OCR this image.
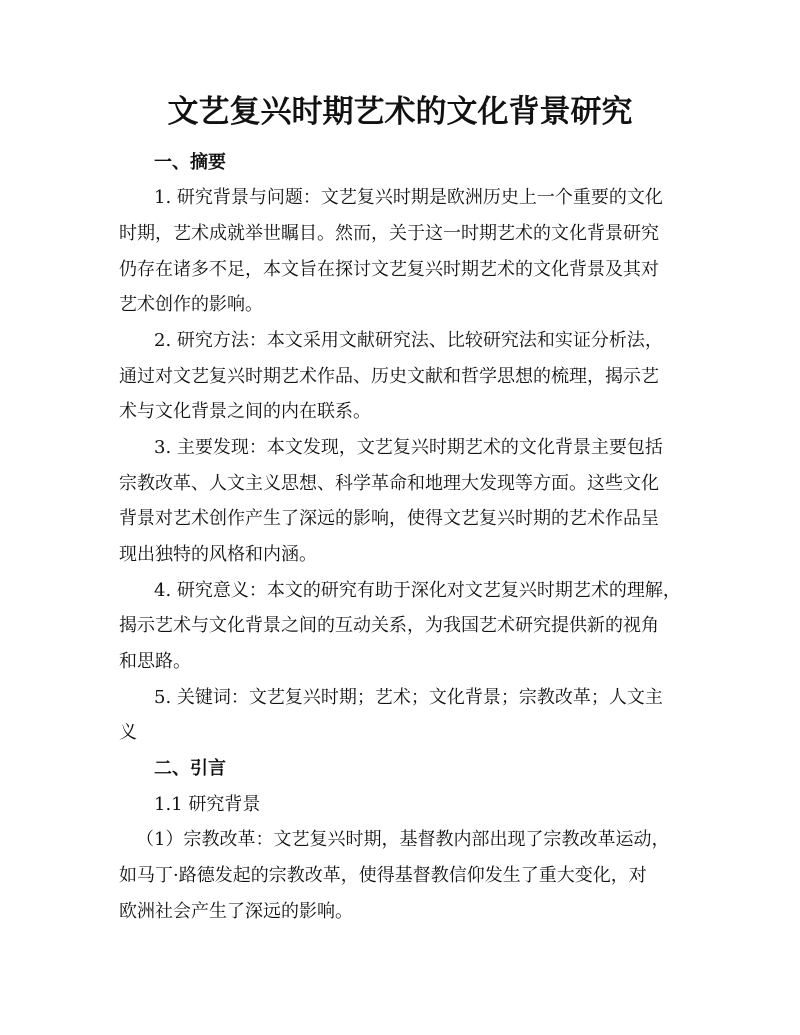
文艺复兴时期艺术的文化背景研究
一、摘要
1. 研究背景与问题：文艺复兴时期是欧洲历史上一个重要的文化
时期，艺术成就举世瞩目。然而，关于这一时期艺术的文化背景研究
仍存在诸多不足，本文旨在探讨文艺复兴时期艺术的文化背景及其对
艺术创作的影响。
2. 研究方法：本文采用文献研究法、比较研究法和实证分析法，
通过对文艺复兴时期艺术作品、历史文献和哲学思想的梳理，揭示艺
术与文化背景之间的内在联系。
3. 主要发现：本文发现，文艺复兴时期艺术的文化背景主要包括
宗教改革、人文主义思想、科学革命和地理大发现等方面。这些文化
背景对艺术创作产生了深远的影响，使得文艺复兴时期的艺术作品呈
现出独特的风格和内涵。
4. 研究意义：本文的研究有助于深化对文艺复兴时期艺术的理解，
揭示艺术与文化背景之间的互动关系，为我国艺术研究提供新的视角
和思路。
5. 关键词：文艺复兴时期；艺术；文化背景；宗教改革；人文主
义
二、引言
1.1 研究背景
（1）宗教改革：文艺复兴时期，基督教内部出现了宗教改革运动，
如马丁·路德发起的宗教改革，使得基督教信仰发生了重大变化，对
欧洲社会产生了深远的影响。
